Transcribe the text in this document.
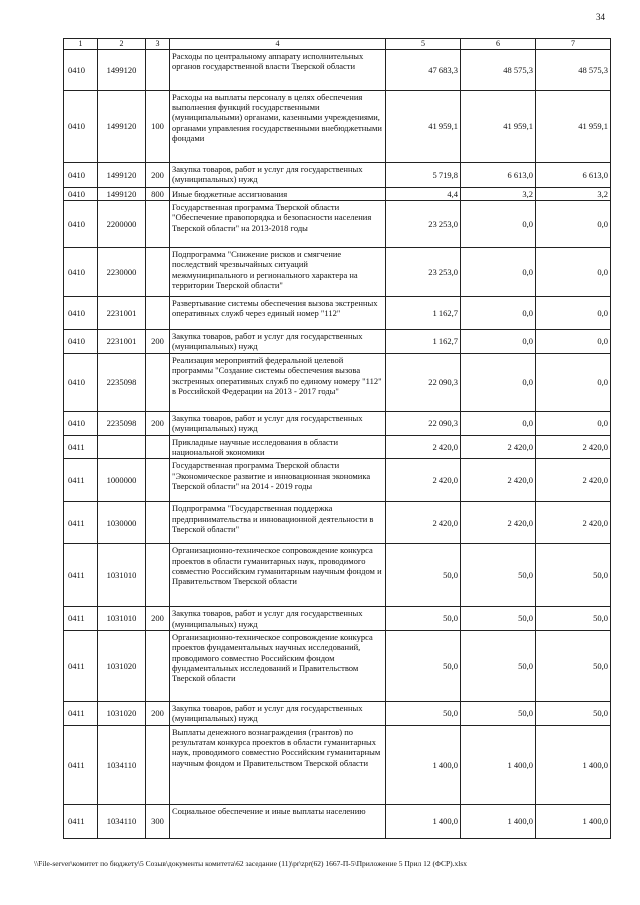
34
1	2	3	4	5	6	7
0410	1499120		Расходы по центральному аппарату исполнительных органов государственной власти Тверской области	47 683,3	48 575,3	48 575,3
0410	1499120	100	Расходы на выплаты персоналу в целях обеспечения выполнения функций государственными (муниципальными) органами, казенными учреждениями, органами управления государственными внебюджетными фондами	41 959,1	41 959,1	41 959,1
0410	1499120	200	Закупка товаров, работ и услуг для государственных (муниципальных) нужд	5 719,8	6 613,0	6 613,0
0410	1499120	800	Иные бюджетные ассигнования	4,4	3,2	3,2
0410	2200000		Государственная программа Тверской области "Обеспечение правопорядка и безопасности населения Тверской области" на 2013-2018 годы	23 253,0	0,0	0,0
0410	2230000		Подпрограмма "Снижение рисков и смягчение последствий чрезвычайных ситуаций межмуниципального и регионального характера на территории Тверской области"	23 253,0	0,0	0,0
0410	2231001		Развертывание системы обеспечения вызова экстренных оперативных служб через единый номер "112"	1 162,7	0,0	0,0
0410	2231001	200	Закупка товаров, работ и услуг для государственных (муниципальных) нужд	1 162,7	0,0	0,0
0410	2235098		Реализация мероприятий федеральной целевой программы "Создание системы обеспечения вызова экстренных оперативных служб по единому номеру "112" в Российской Федерации на 2013 - 2017 годы"	22 090,3	0,0	0,0
0410	2235098	200	Закупка товаров, работ и услуг для государственных (муниципальных) нужд	22 090,3	0,0	0,0
0411			Прикладные научные исследования в области национальной экономики	2 420,0	2 420,0	2 420,0
0411	1000000		Государственная программа Тверской области "Экономическое развитие и инновационная экономика Тверской области" на 2014 - 2019 годы	2 420,0	2 420,0	2 420,0
0411	1030000		Подпрограмма "Государственная поддержка предпринимательства и инновационной деятельности в Тверской области"	2 420,0	2 420,0	2 420,0
0411	1031010		Организационно-техническое сопровождение конкурса проектов в области гуманитарных наук, проводимого совместно Российским гуманитарным научным фондом и Правительством Тверской области	50,0	50,0	50,0
0411	1031010	200	Закупка товаров, работ и услуг для государственных (муниципальных) нужд	50,0	50,0	50,0
0411	1031020		Организационно-техническое сопровождение конкурса проектов фундаментальных научных исследований, проводимого совместно Российским фондом фундаментальных исследований и Правительством Тверской области	50,0	50,0	50,0
0411	1031020	200	Закупка товаров, работ и услуг для государственных (муниципальных) нужд	50,0	50,0	50,0
0411	1034110		Выплаты денежного вознаграждения (грантов) по результатам конкурса проектов в области гуманитарных наук, проводимого совместно Российским гуманитарным научным фондом и Правительством Тверской области	1 400,0	1 400,0	1 400,0
0411	1034110	300	Социальное обеспечение и иные выплаты населению	1 400,0	1 400,0	1 400,0
\\File-server\комитет по бюджету\5 Созыв\документы комитета\62 заседание (11)\pr\zpr(62) 1667-П-5\Приложение 5 Прил 12 (ФСР).xlsx
